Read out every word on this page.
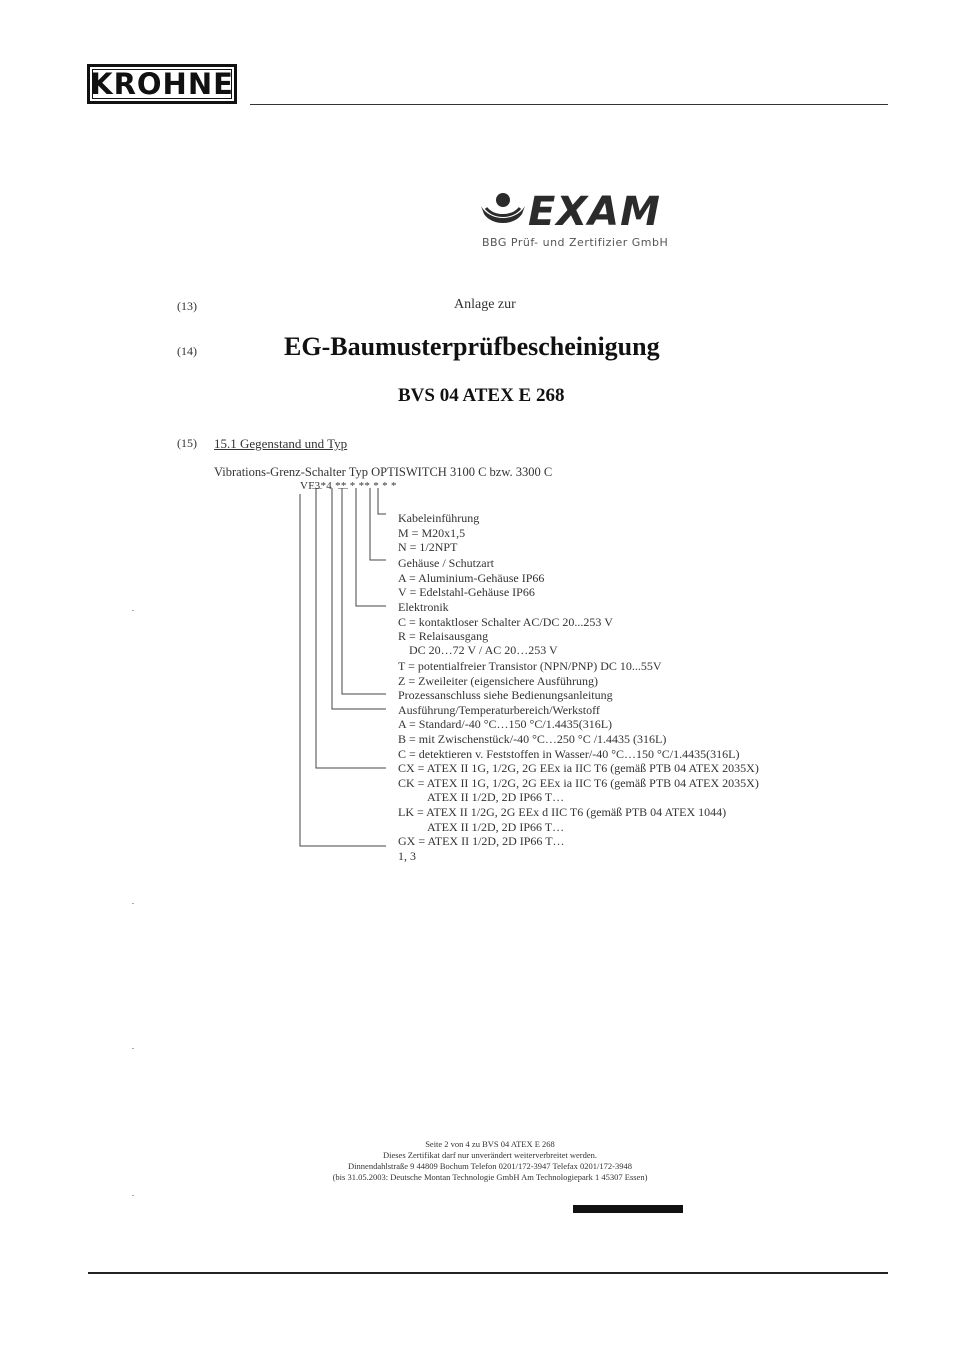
KROHNE
EXAM
BBG Prüf- und Zertifizier GmbH
(13)	Anlage zur
(14)	EG-Baumusterprüfbescheinigung
BVS 04 ATEX E 268
(15) 15.1 Gegenstand und Typ
Vibrations-Grenz-Schalter Typ OPTISWITCH 3100 C bzw. 3300 C
VF3*4 ** * ** * * *
Kabeleinführung
M = M20x1,5
N = 1/2NPT
Gehäuse / Schutzart
A = Aluminium-Gehäuse IP66
V = Edelstahl-Gehäuse IP66
Elektronik
C = kontaktloser Schalter AC/DC 20...253 V
R = Relaisausgang
DC 20…72 V / AC 20…253 V
T = potentialfreier Transistor (NPN/PNP) DC 10...55V
Z = Zweileiter (eigensichere Ausführung)
Prozessanschluss siehe Bedienungsanleitung
Ausführung/Temperaturbereich/Werkstoff
A = Standard/-40 °C…150 °C/1.4435(316L)
B = mit Zwischenstück/-40 °C…250 °C /1.4435 (316L)
C = detektieren v. Feststoffen in Wasser/-40 °C…150 °C/1.4435(316L)
CX = ATEX II 1G, 1/2G, 2G EEx ia IIC T6 (gemäß PTB 04 ATEX 2035X)
CK = ATEX II 1G, 1/2G, 2G EEx ia IIC T6 (gemäß PTB 04 ATEX 2035X)
ATEX II 1/2D, 2D IP66 T…
LK = ATEX II 1/2G, 2G EEx d IIC T6 (gemäß PTB 04 ATEX 1044)
ATEX II 1/2D, 2D IP66 T…
GX = ATEX II 1/2D, 2D IP66 T…
1, 3
Seite 2 von 4 zu BVS 04 ATEX E 268
Dieses Zertifikat darf nur unverändert weiterverbreitet werden.
Dinnendahlstraße 9 44809 Bochum Telefon 0201/172-3947 Telefax 0201/172-3948
(bis 31.05.2003: Deutsche Montan Technologie GmbH Am Technologiepark 1 45307 Essen)
